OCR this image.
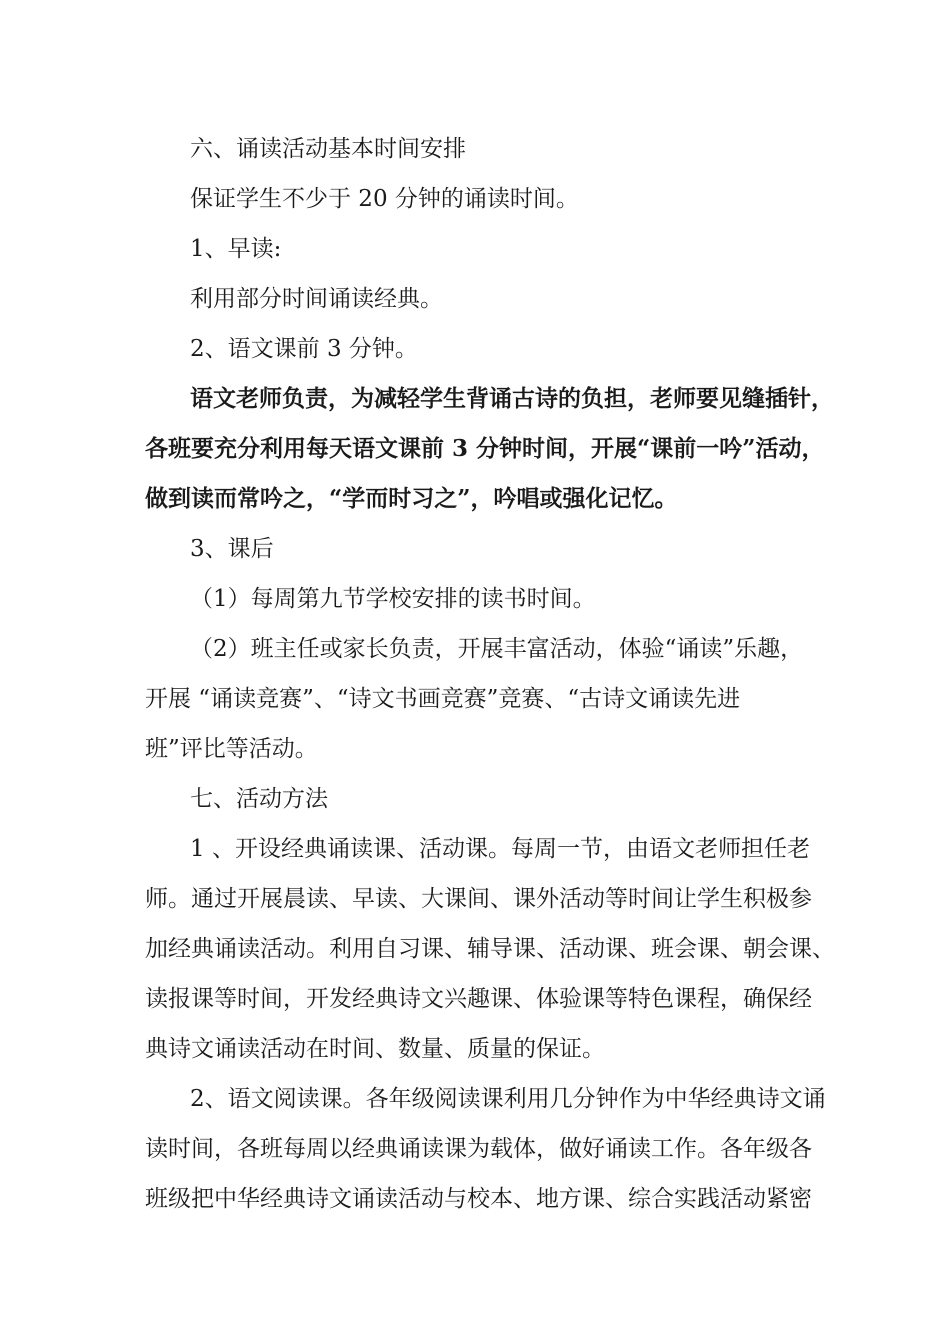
六、诵读活动基本时间安排
保证学生不少于 20 分钟的诵读时间。
1、早读:
利用部分时间诵读经典。
2、语文课前 3 分钟。
语文老师负责，为减轻学生背诵古诗的负担，老师要见缝插针，
各班要充分利用每天语文课前 3 分钟时间，开展“课前一吟”活动，
做到读而常吟之，“学而时习之”，吟唱或强化记忆。
3、课后
（1）每周第九节学校安排的读书时间。
（2）班主任或家长负责，开展丰富活动，体验“诵读”乐趣，
开展 “诵读竞赛”、“诗文书画竞赛”竞赛、“古诗文诵读先进
班”评比等活动。
七、活动方法
1 、开设经典诵读课、活动课。每周一节，由语文老师担任老
师。通过开展晨读、早读、大课间、课外活动等时间让学生积极参
加经典诵读活动。利用自习课、辅导课、活动课、班会课、朝会课、
读报课等时间，开发经典诗文兴趣课、体验课等特色课程，确保经
典诗文诵读活动在时间、数量、质量的保证。
2、语文阅读课。各年级阅读课利用几分钟作为中华经典诗文诵
读时间，各班每周以经典诵读课为载体，做好诵读工作。各年级各
班级把中华经典诗文诵读活动与校本、地方课、综合实践活动紧密
